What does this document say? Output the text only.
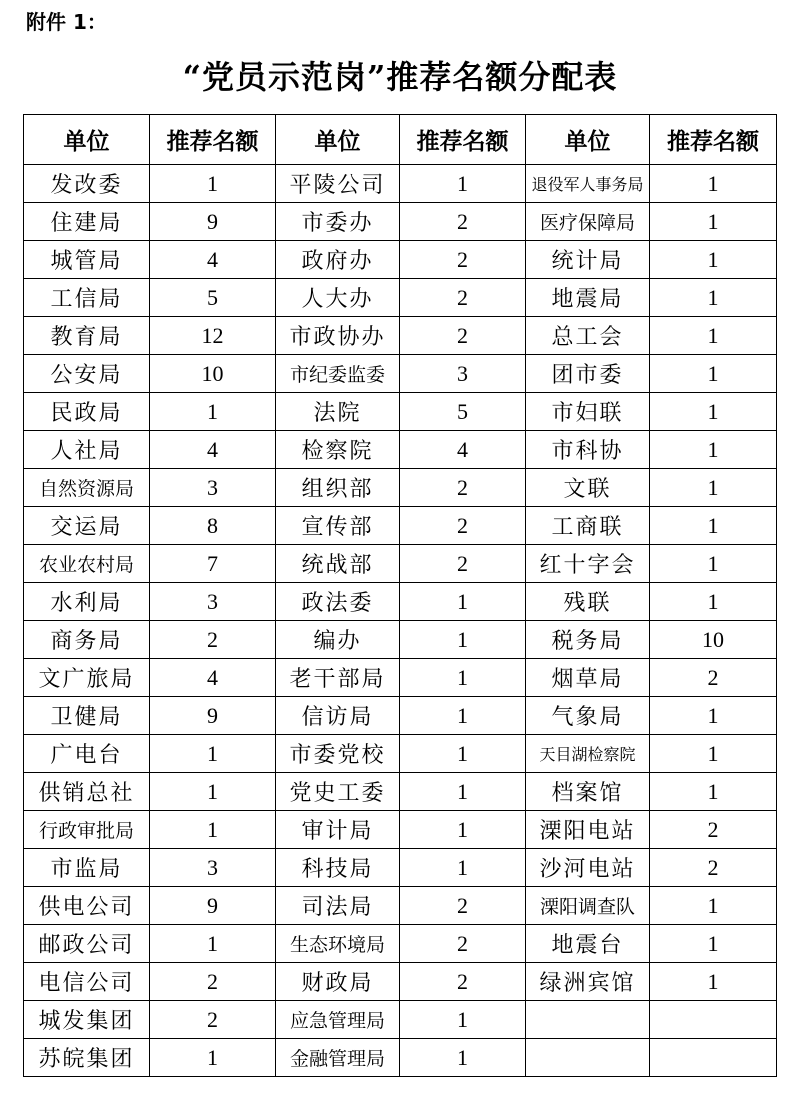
附件 1：
“党员示范岗”推荐名额分配表
单位	推荐名额	单位	推荐名额	单位	推荐名额
发改委	1	平陵公司	1	退役军人事务局	1
住建局	9	市委办	2	医疗保障局	1
城管局	4	政府办	2	统计局	1
工信局	5	人大办	2	地震局	1
教育局	12	市政协办	2	总工会	1
公安局	10	市纪委监委	3	团市委	1
民政局	1	法院	5	市妇联	1
人社局	4	检察院	4	市科协	1
自然资源局	3	组织部	2	文联	1
交运局	8	宣传部	2	工商联	1
农业农村局	7	统战部	2	红十字会	1
水利局	3	政法委	1	残联	1
商务局	2	编办	1	税务局	10
文广旅局	4	老干部局	1	烟草局	2
卫健局	9	信访局	1	气象局	1
广电台	1	市委党校	1	天目湖检察院	1
供销总社	1	党史工委	1	档案馆	1
行政审批局	1	审计局	1	溧阳电站	2
市监局	3	科技局	1	沙河电站	2
供电公司	9	司法局	2	溧阳调查队	1
邮政公司	1	生态环境局	2	地震台	1
电信公司	2	财政局	2	绿洲宾馆	1
城发集团	2	应急管理局	1		
苏皖集团	1	金融管理局	1		
